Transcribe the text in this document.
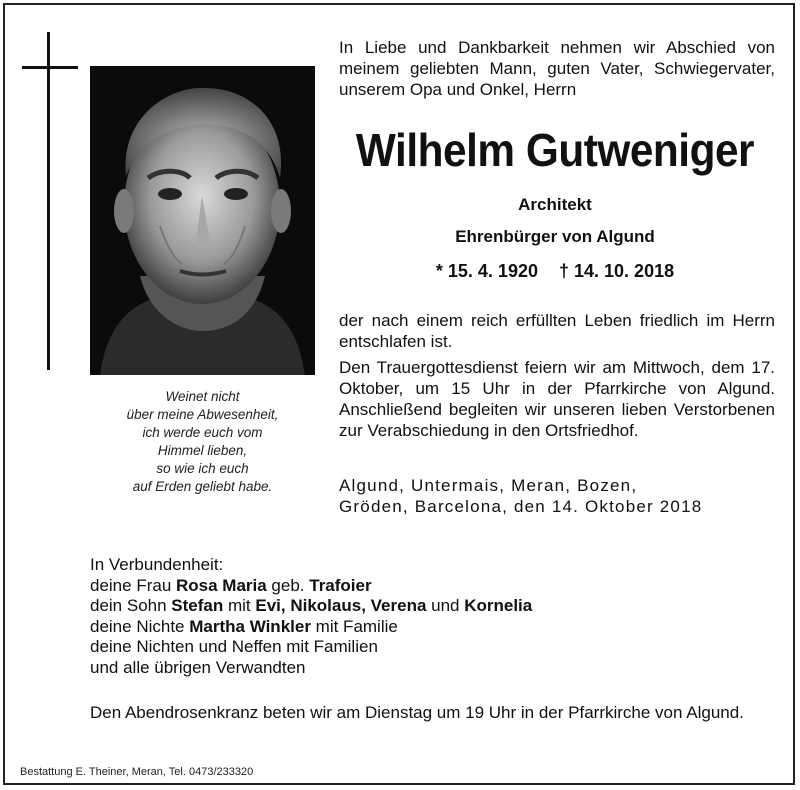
Weinet nicht
über meine Abwesenheit,
ich werde euch vom
Himmel lieben,
so wie ich euch
auf Erden geliebt habe.
In Liebe und Dankbarkeit nehmen wir Abschied von meinem geliebten Mann, guten Vater, Schwiegervater, unserem Opa und Onkel, Herrn
Wilhelm Gutweniger
Architekt
Ehrenbürger von Algund
* 15. 4. 1920 † 14. 10. 2018
der nach einem reich erfüllten Leben friedlich im Herrn entschlafen ist.
Den Trauergottesdienst feiern wir am Mittwoch, dem 17. Oktober, um 15 Uhr in der Pfarrkirche von Algund. Anschließend begleiten wir unseren lieben Verstorbenen zur Verabschiedung in den Ortsfriedhof.
Algund, Untermais, Meran, Bozen,
Gröden, Barcelona, den 14. Oktober 2018
In Verbundenheit:
deine Frau Rosa Maria geb. Trafoier
dein Sohn Stefan mit Evi, Nikolaus, Verena und Kornelia
deine Nichte Martha Winkler mit Familie
deine Nichten und Neffen mit Familien
und alle übrigen Verwandten
Den Abendrosenkranz beten wir am Dienstag um 19 Uhr in der Pfarrkirche von Algund.
Bestattung E. Theiner, Meran, Tel. 0473/233320
